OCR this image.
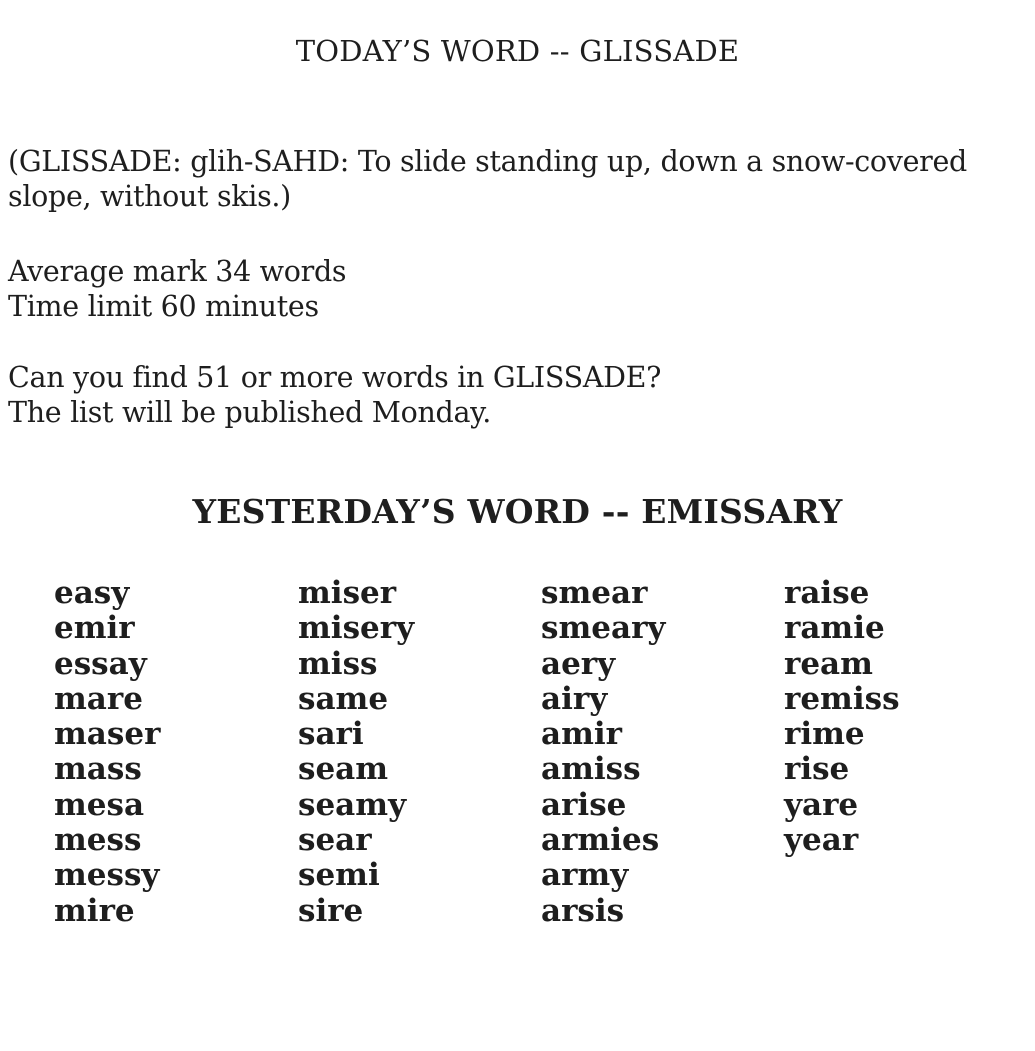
TODAY’S WORD -- GLISSADE
(GLISSADE: glih-SAHD: To slide standing up, down a snow-covered
slope, without skis.)
Average mark 34 words
Time limit 60 minutes
Can you find 51 or more words in GLISSADE?
The list will be published Monday.
YESTERDAY’S WORD -- EMISSARY
easy
emir
essay
mare
maser
mass
mesa
mess
messy
mire
miser
misery
miss
same
sari
seam
seamy
sear
semi
sire
smear
smeary
aery
airy
amir
amiss
arise
armies
army
arsis
raise
ramie
ream
remiss
rime
rise
yare
year
